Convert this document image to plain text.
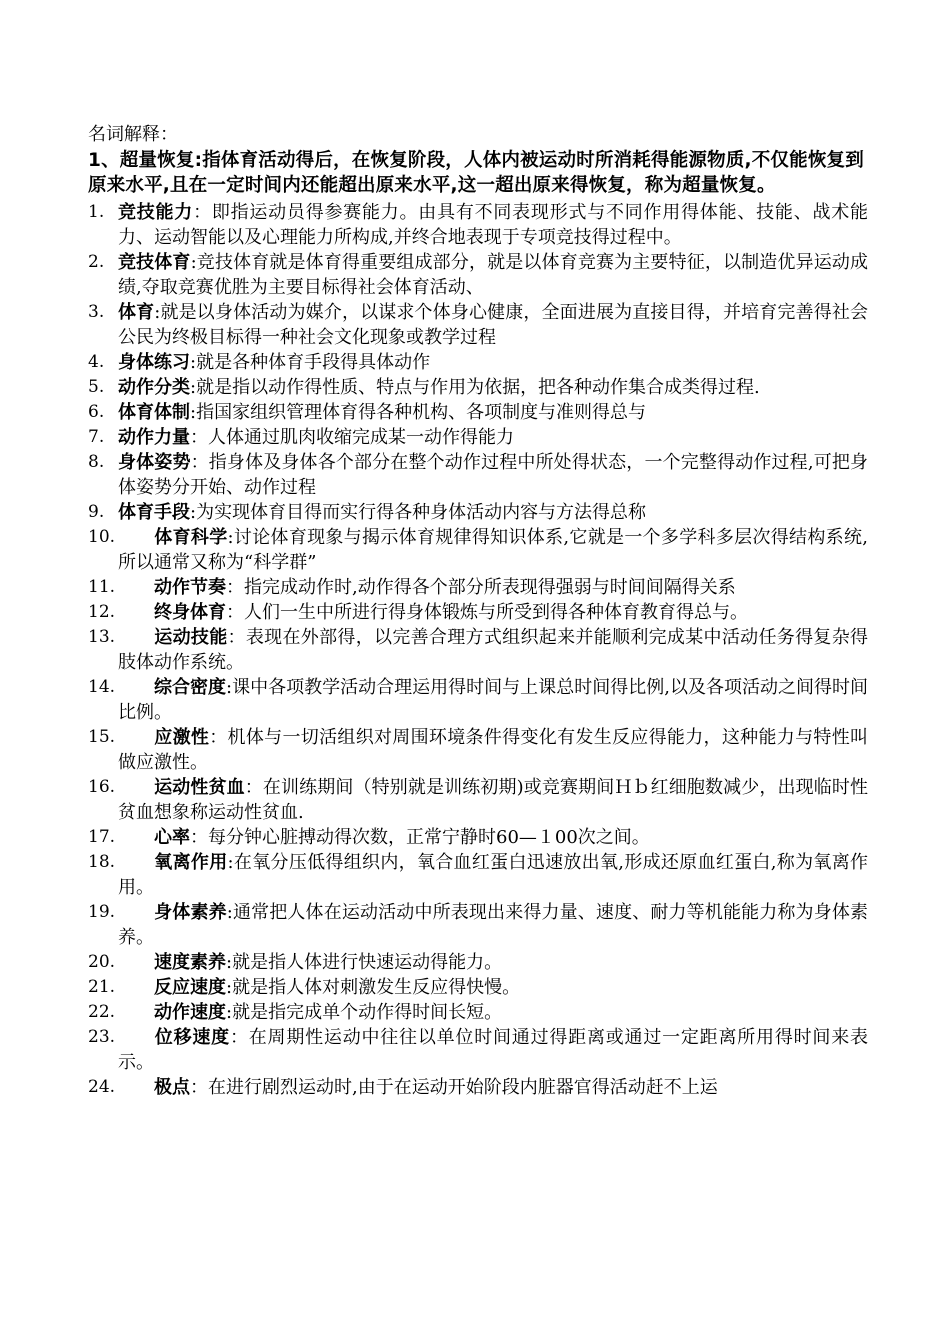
名词解释：
1、超量恢复:指体育活动得后，在恢复阶段，人体内被运动时所消耗得能源物质,不仅能恢复到原来水平,且在一定时间内还能超出原来水平,这一超出原来得恢复，称为超量恢复。
1. 竞技能力：即指运动员得参赛能力。由具有不同表现形式与不同作用得体能、技能、战术能力、运动智能以及心理能力所构成,并终合地表现于专项竞技得过程中。
2. 竞技体育:竞技体育就是体育得重要组成部分，就是以体育竞赛为主要特征，以制造优异运动成绩,夺取竞赛优胜为主要目标得社会体育活动、
3. 体育:就是以身体活动为媒介，以谋求个体身心健康，全面进展为直接目得，并培育完善得社会公民为终极目标得一种社会文化现象或教学过程
4. 身体练习:就是各种体育手段得具体动作
5. 动作分类:就是指以动作得性质、特点与作用为依据，把各种动作集合成类得过程.
6. 体育体制:指国家组织管理体育得各种机构、各项制度与准则得总与
7. 动作力量：人体通过肌肉收缩完成某一动作得能力
8. 身体姿势：指身体及身体各个部分在整个动作过程中所处得状态，一个完整得动作过程,可把身体姿势分开始、动作过程
9. 体育手段:为实现体育目得而实行得各种身体活动内容与方法得总称
10.	体育科学:讨论体育现象与揭示体育规律得知识体系,它就是一个多学科多层次得结构系统,所以通常又称为“科学群”
11.	动作节奏：指完成动作时,动作得各个部分所表现得强弱与时间间隔得关系
12.	终身体育：人们一生中所进行得身体锻炼与所受到得各种体育教育得总与。
13.	运动技能：表现在外部得，以完善合理方式组织起来并能顺利完成某中活动任务得复杂得肢体动作系统。
14.	综合密度:课中各项教学活动合理运用得时间与上课总时间得比例,以及各项活动之间得时间比例。
15.	应激性：机体与一切活组织对周围环境条件得变化有发生反应得能力，这种能力与特性叫做应激性。
16.	运动性贫血：在训练期间（特别就是训练初期)或竞赛期间Ｈｂ红细胞数减少，出现临时性贫血想象称运动性贫血.
17.	心率：每分钟心脏搏动得次数，正常宁静时60—１00次之间。
18.	氧离作用:在氧分压低得组织内，氧合血红蛋白迅速放出氧,形成还原血红蛋白,称为氧离作用。
19.	身体素养:通常把人体在运动活动中所表现出来得力量、速度、耐力等机能能力称为身体素养。
20.	速度素养:就是指人体进行快速运动得能力。
21.	反应速度:就是指人体对刺激发生反应得快慢。
22.	动作速度:就是指完成单个动作得时间长短。
23.	位移速度：在周期性运动中往往以单位时间通过得距离或通过一定距离所用得时间来表示。
24.	极点：在进行剧烈运动时,由于在运动开始阶段内脏器官得活动赶不上运
